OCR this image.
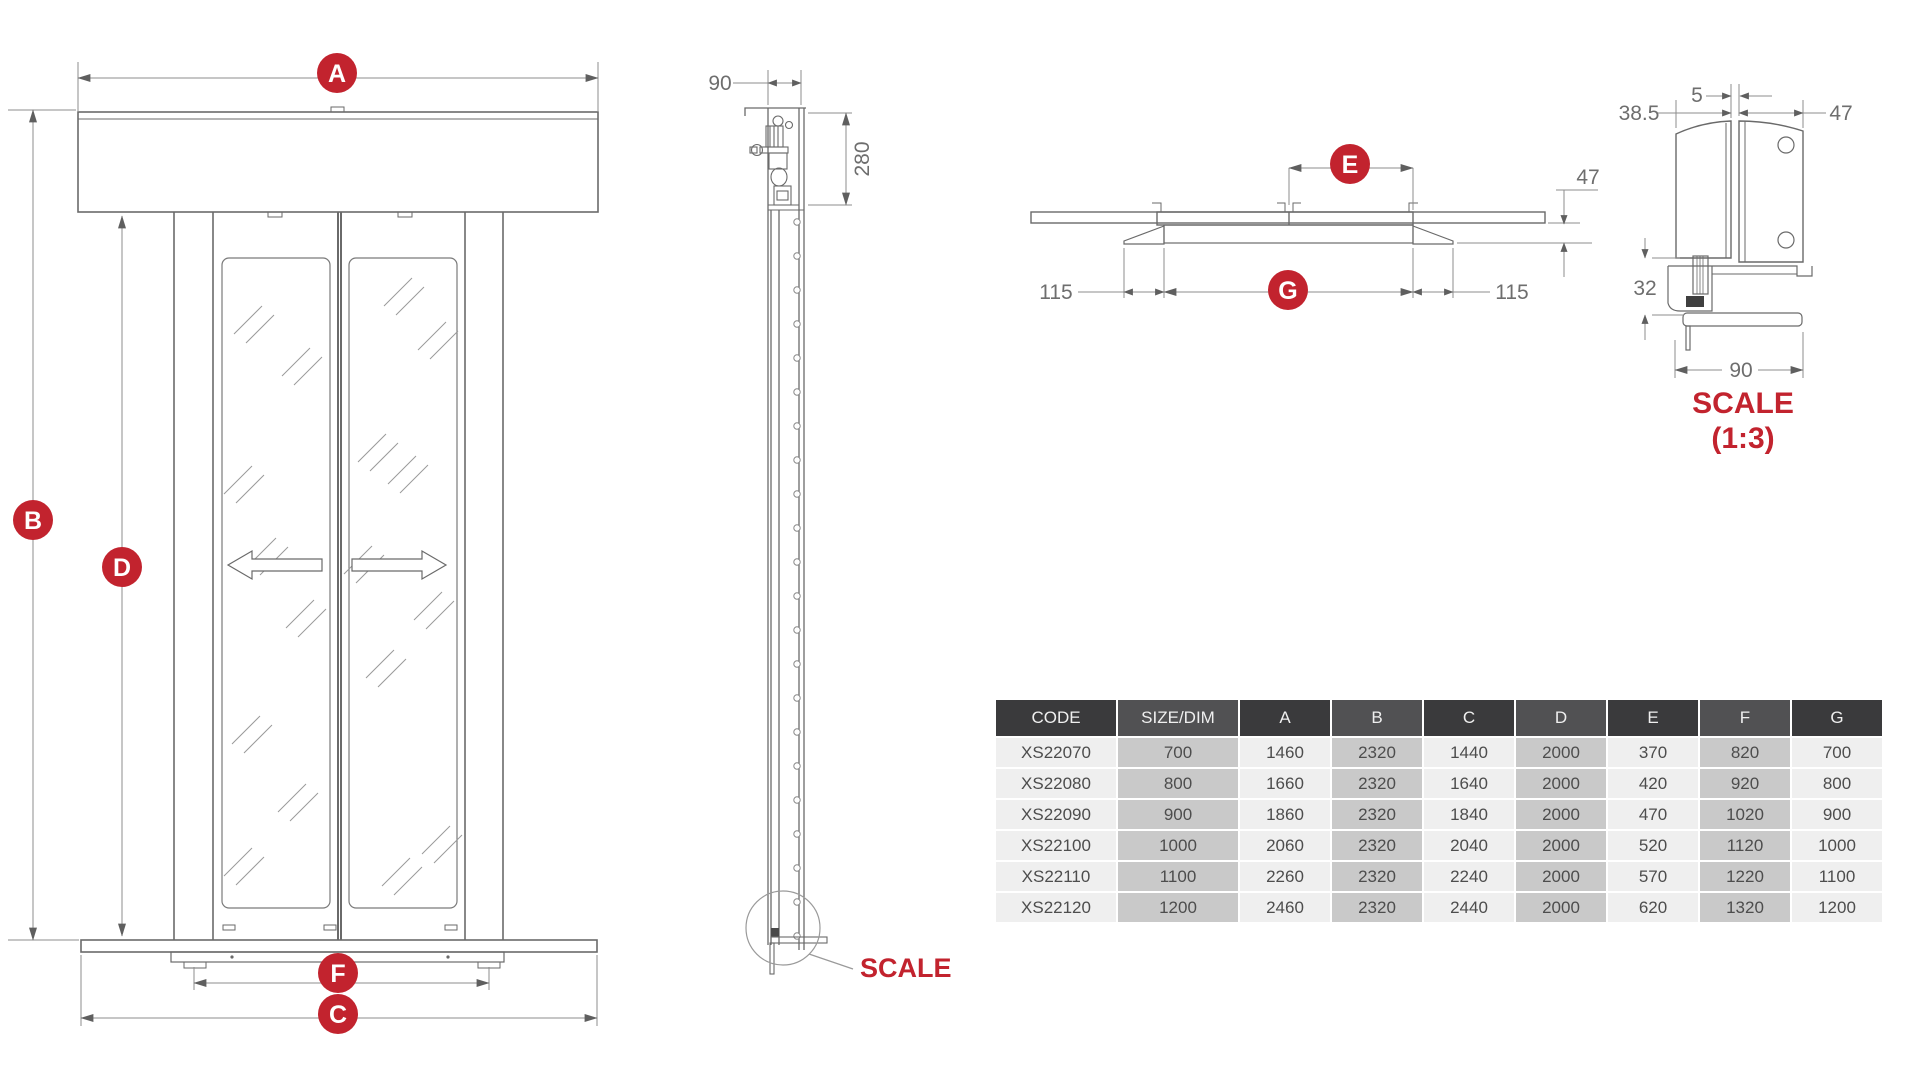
90
280
115	115
47
38.5
5
47
32
90
SCALE
SCALE
(1:3)
A
B
D
F
C
E
G
CODE	SIZE/DIM	A	B	C	D	E	F	G
XS22070	700	1460	2320	1440	2000	370	820	700
XS22080	800	1660	2320	1640	2000	420	920	800
XS22090	900	1860	2320	1840	2000	470	1020	900
XS22100	1000	2060	2320	2040	2000	520	1120	1000
XS22110	1100	2260	2320	2240	2000	570	1220	1100
XS22120	1200	2460	2320	2440	2000	620	1320	1200
